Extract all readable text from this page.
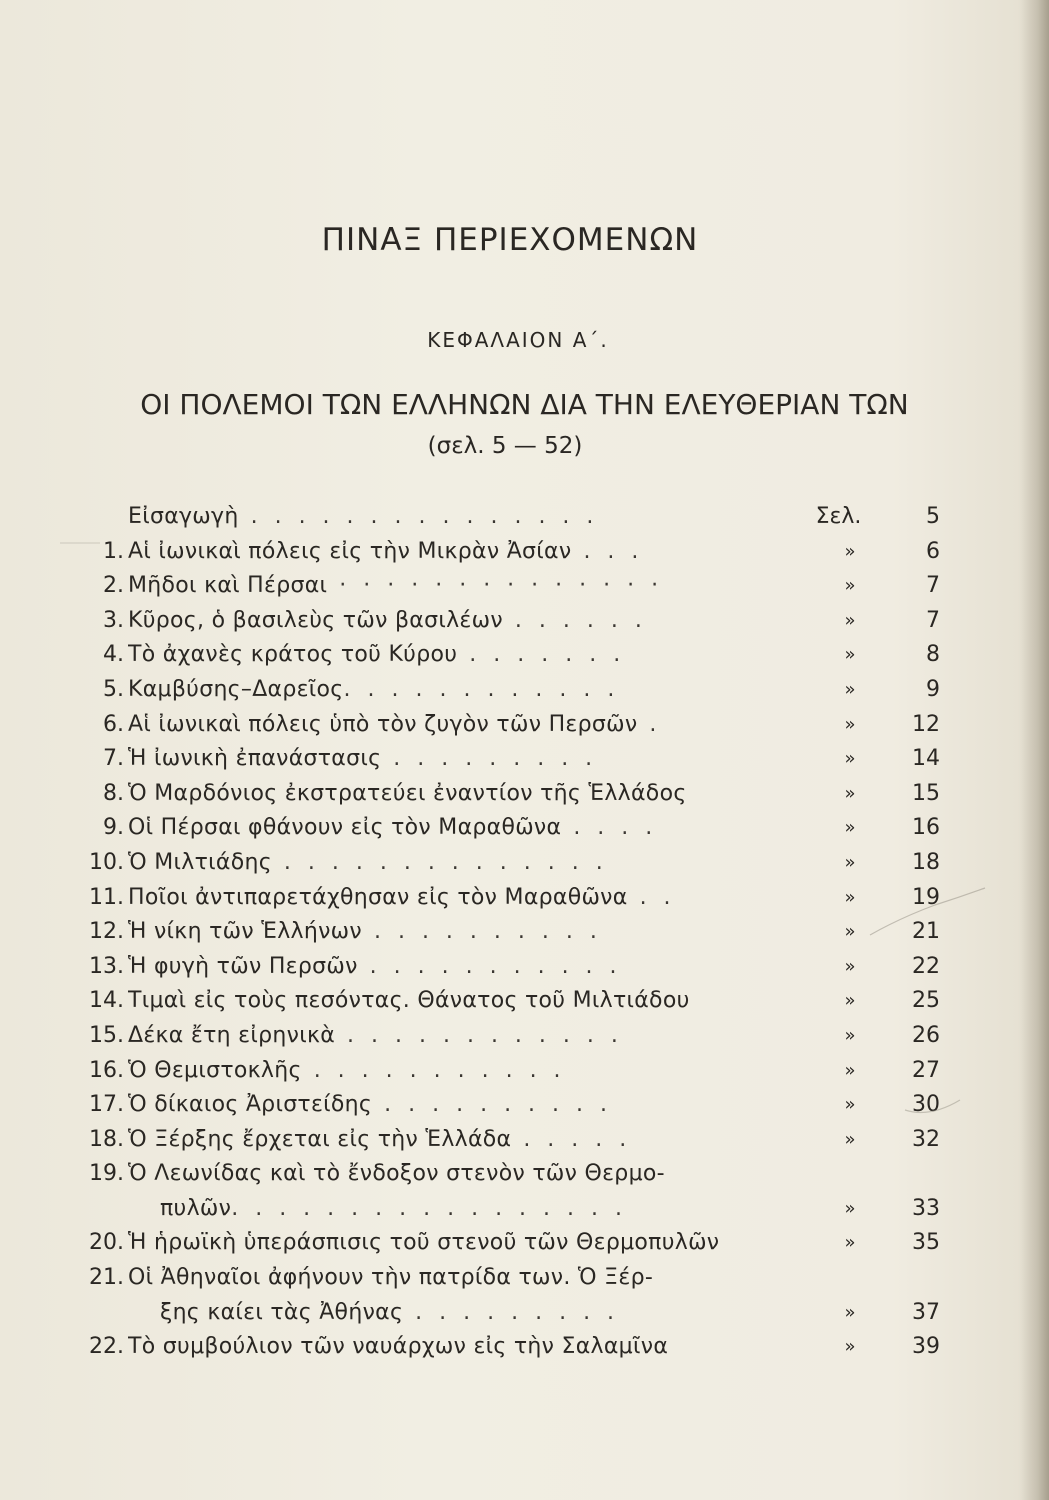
ΠΙΝΑΞ ΠΕΡΙΕΧΟΜΕΝΩΝ
ΚΕΦΑΛΑΙΟΝ Α΄.
ΟΙ ΠΟΛΕΜΟΙ ΤΩΝ ΕΛΛΗΝΩΝ ΔΙΑ ΤΗΝ ΕΛΕΥΘΕΡΙΑΝ ΤΩΝ
(σελ. 5 — 52)
Εἰσαγωγὴ . . . . . . . . . . . . . . .	Σελ.	5
1. Αἱ ἰωνικαὶ πόλεις εἰς τὴν Μικρὰν Ἀσίαν . . .	»	6
2. Μῆδοι καὶ Πέρσαι · · · · · · · · · · · · · ·	»	7
3. Κῦρος, ὁ βασιλεὺς τῶν βασιλέων . . . . . .	»	7
4. Τὸ ἀχανὲς κράτος τοῦ Κύρου . . . . . . .	»	8
5. Καμβύσης–Δαρεῖος. . . . . . . . . . . .	»	9
6. Αἱ ἰωνικαὶ πόλεις ὑπὸ τὸν ζυγὸν τῶν Περσῶν .	»	12
7. Ἡ ἰωνικὴ ἐπανάστασις . . . . . . . . .	»	14
8. Ὁ Μαρδόνιος ἐκστρατεύει ἐναντίον τῆς Ἑλλάδος	»	15
9. Οἱ Πέρσαι φθάνουν εἰς τὸν Μαραθῶνα . . . .	»	16
10. Ὁ Μιλτιάδης . . . . . . . . . . . . . .	»	18
11. Ποῖοι ἀντιπαρετάχθησαν εἰς τὸν Μαραθῶνα . .	»	19
12. Ἡ νίκη τῶν Ἑλλήνων . . . . . . . . . .	»	21
13. Ἡ φυγὴ τῶν Περσῶν . . . . . . . . . . .	»	22
14. Τιμαὶ εἰς τοὺς πεσόντας. Θάνατος τοῦ Μιλτιάδου	»	25
15. Δέκα ἔτη εἰρηνικὰ . . . . . . . . . . . .	»	26
16. Ὁ Θεμιστοκλῆς . . . . . . . . . . .	»	27
17. Ὁ δίκαιος Ἀριστείδης . . . . . . . . . .	»	30
18. Ὁ Ξέρξης ἔρχεται εἰς τὴν Ἑλλάδα . . . . .	»	32
19. Ὁ Λεωνίδας καὶ τὸ ἔνδοξον στενὸν τῶν Θερμο-
πυλῶν. . . . . . . . . . . . . . . . .	»	33
20. Ἡ ἡρωϊκὴ ὑπεράσπισις τοῦ στενοῦ τῶν Θερμοπυλῶν	»	35
21. Οἱ Ἀθηναῖοι ἀφήνουν τὴν πατρίδα των. Ὁ Ξέρ-
ξης καίει τὰς Ἀθήνας . . . . . . . . .	»	37
22. Τὸ συμβούλιον τῶν ναυάρχων εἰς τὴν Σαλαμῖνα	»	39
